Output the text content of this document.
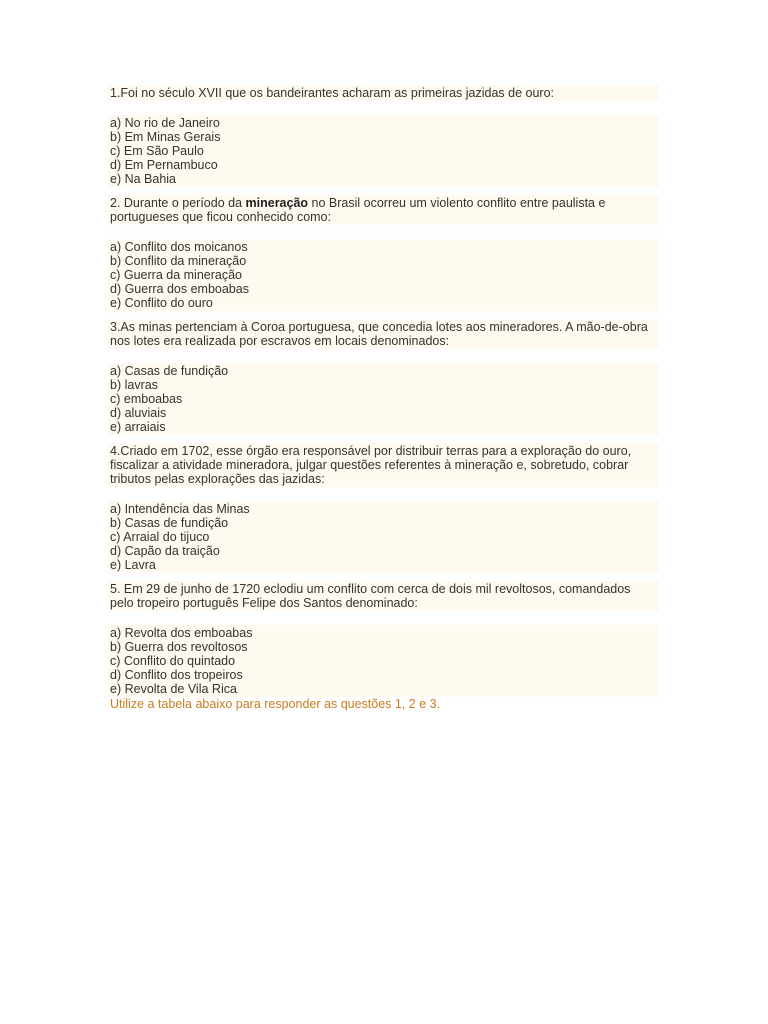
1.Foi no século XVII que os bandeirantes acharam as primeiras jazidas de ouro:
a) No rio de Janeiro
b) Em Minas Gerais
c) Em São Paulo
d) Em Pernambuco
e) Na Bahia
2. Durante o período da mineração no Brasil ocorreu um violento conflito entre paulista e portugueses que ficou conhecido como:
a) Conflito dos moicanos
b) Conflito da mineração
c) Guerra da mineração
d) Guerra dos emboabas
e) Conflito do ouro
3.As minas pertenciam à Coroa portuguesa, que concedia lotes aos mineradores. A mão-de-obra nos lotes era realizada por escravos em locais denominados:
a) Casas de fundição
b) lavras
c) emboabas
d) aluviais
e) arraiais
4.Criado em 1702, esse órgão era responsável por distribuir terras para a exploração do ouro, fiscalizar a atividade mineradora, julgar questões referentes à mineração e, sobretudo, cobrar tributos pelas explorações das jazidas:
a) Intendência das Minas
b) Casas de fundição
c) Arraial do tijuco
d) Capão da traição
e) Lavra
5. Em 29 de junho de 1720 eclodiu um conflito com cerca de dois mil revoltosos, comandados pelo tropeiro português Felipe dos Santos denominado:
a) Revolta dos emboabas
b) Guerra dos revoltosos
c) Conflito do quintado
d) Conflito dos tropeiros
e) Revolta de Vila Rica
Utilize a tabela abaixo para responder as questões 1, 2 e 3.
